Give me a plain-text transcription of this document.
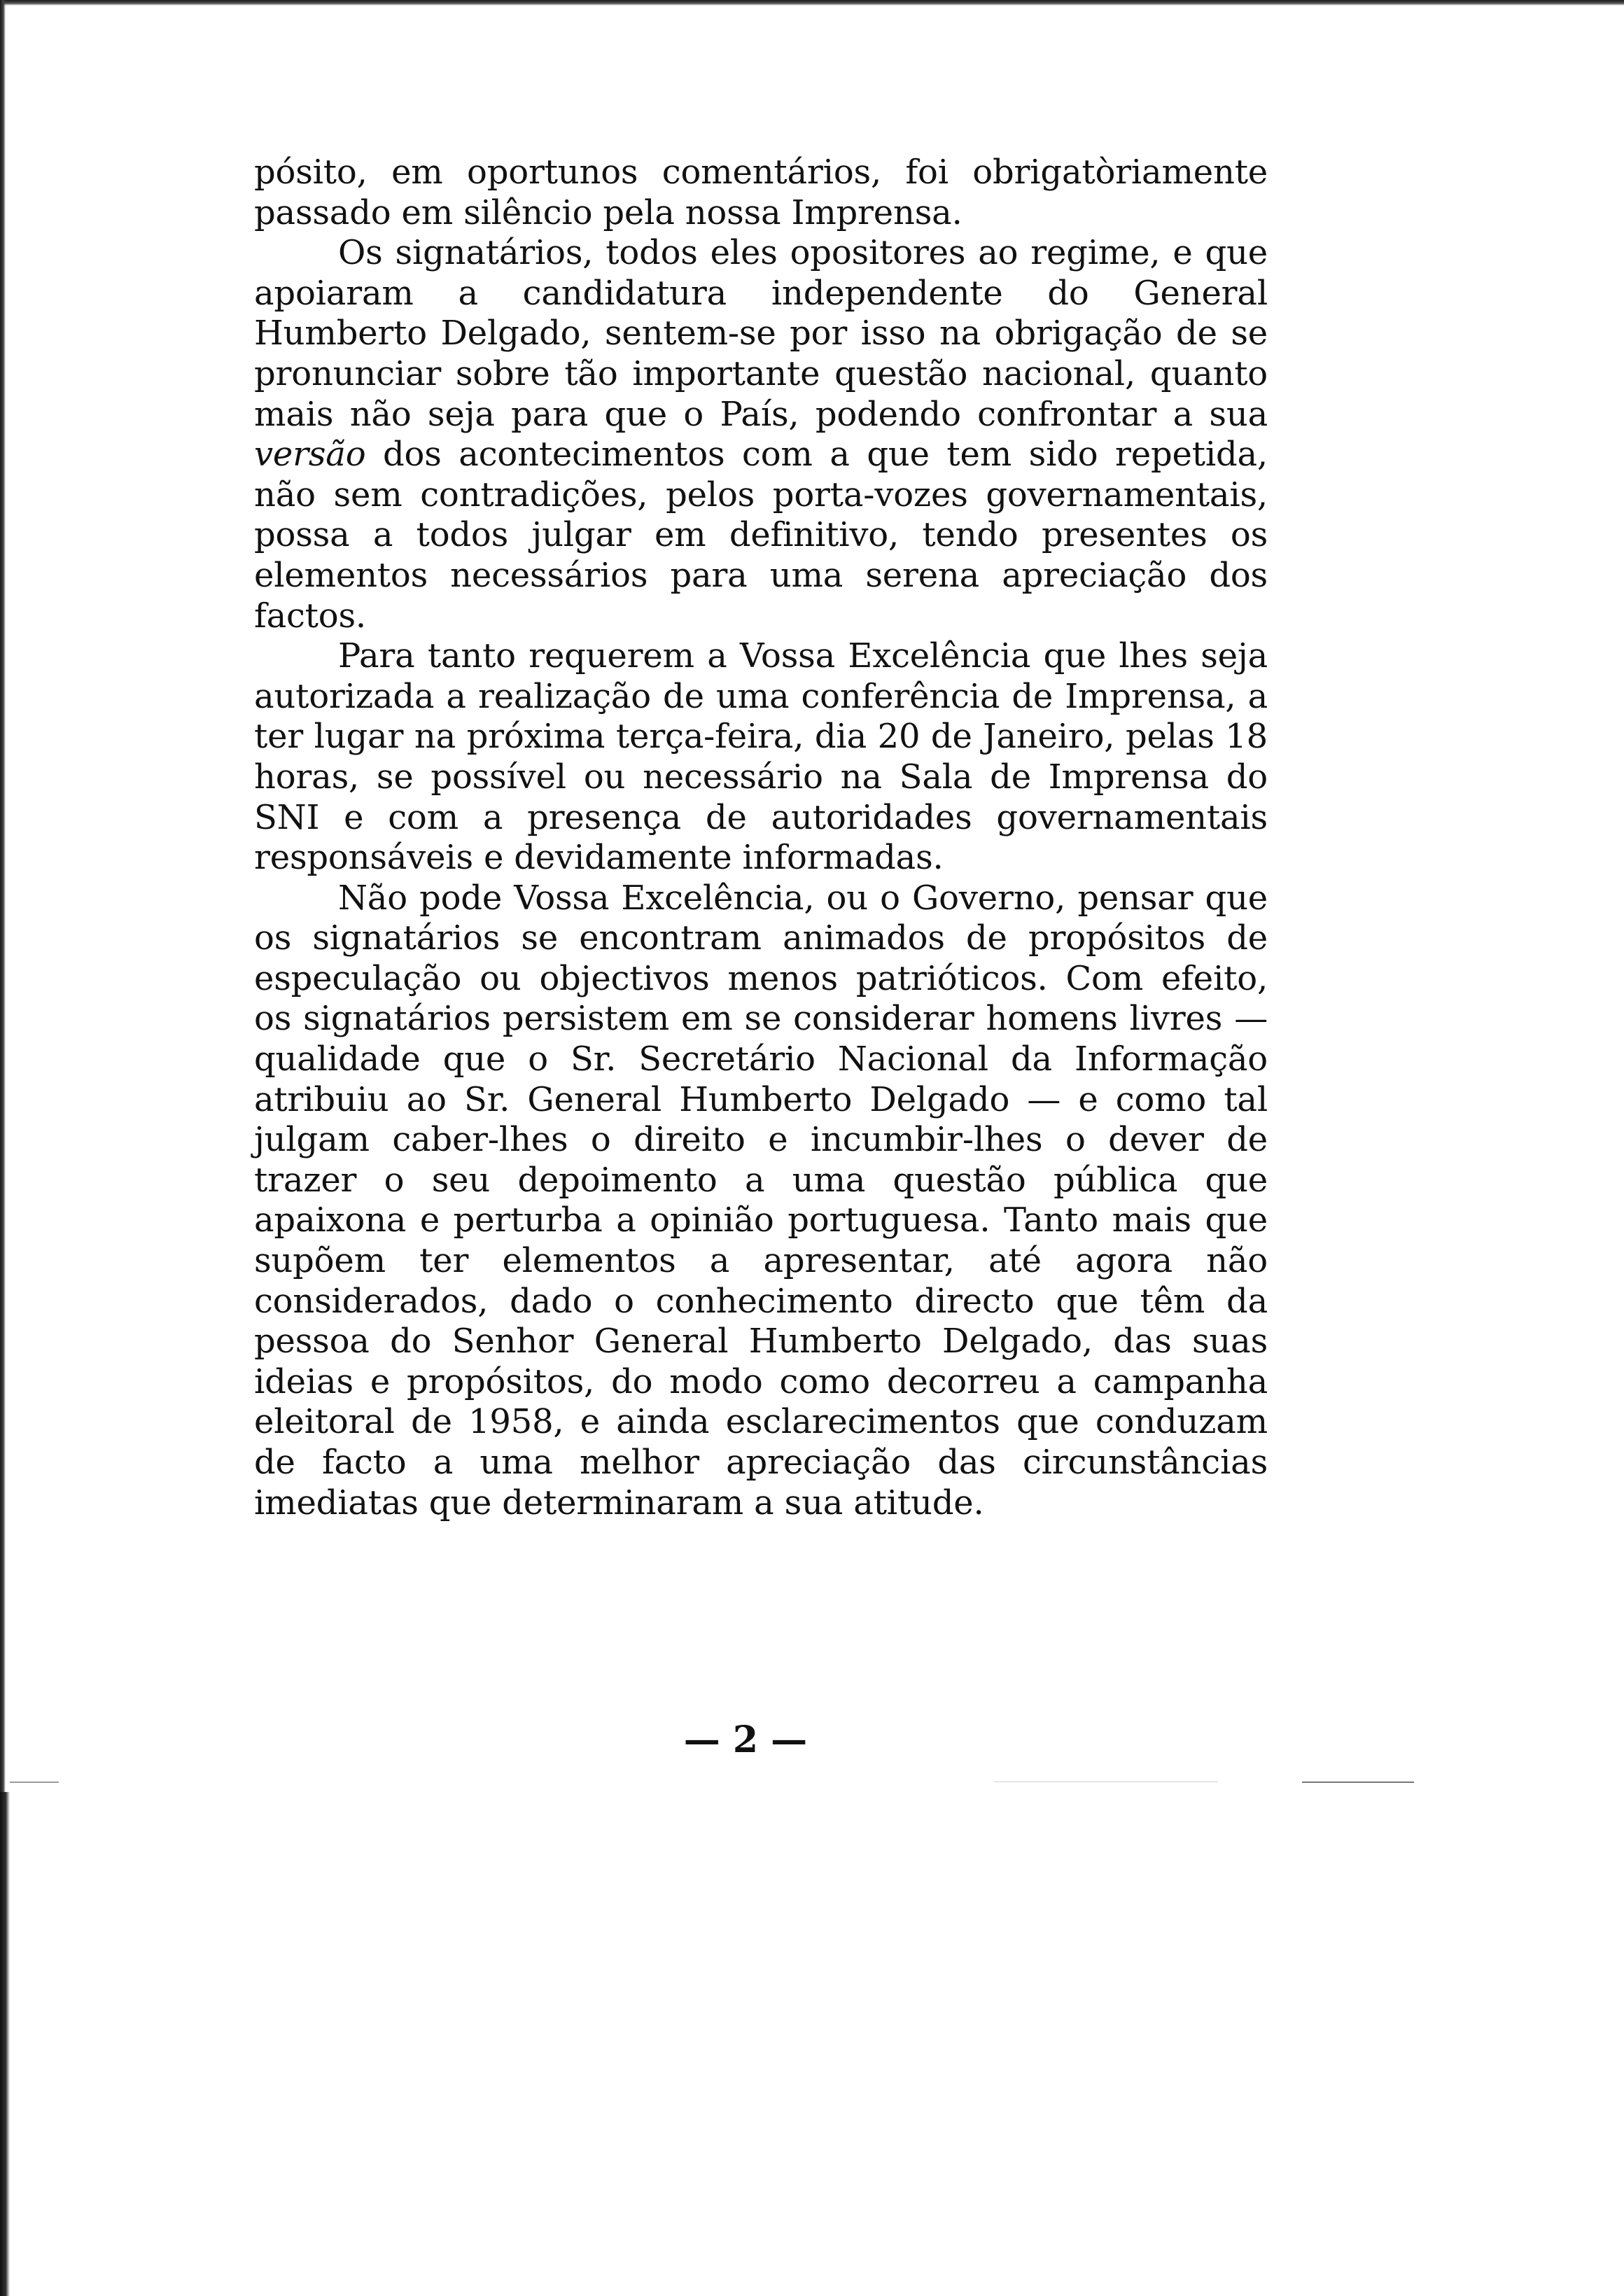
pósito, em oportunos comentários, foi obrigatòriamente passado em silêncio pela nossa Imprensa.

Os signatários, todos eles opositores ao regime, e que apoiaram a candidatura independente do General Humberto Delgado, sentem-se por isso na obrigação de se pronunciar sobre tão importante questão nacional, quanto mais não seja para que o País, podendo confrontar a sua versão dos acontecimentos com a que tem sido repetida, não sem contradições, pelos porta-vozes governamentais, possa a todos julgar em definitivo, tendo presentes os elementos necessários para uma serena apreciação dos factos.

Para tanto requerem a Vossa Excelência que lhes seja autorizada a realização de uma conferência de Imprensa, a ter lugar na próxima terça-feira, dia 20 de Janeiro, pelas 18 horas, se possível ou necessário na Sala de Imprensa do SNI e com a presença de autoridades governamentais responsáveis e devidamente informadas.

Não pode Vossa Excelência, ou o Governo, pensar que os signatários se encontram animados de propósitos de especulação ou objectivos menos patrióticos. Com efeito, os signatários persistem em se considerar homens livres — qualidade que o Sr. Secretário Nacional da Informação atribuiu ao Sr. General Humberto Delgado — e como tal julgam caber-lhes o direito e incumbir-lhes o dever de trazer o seu depoimento a uma questão pública que apaixona e perturba a opinião portuguesa. Tanto mais que supõem ter elementos a apresentar, até agora não considerados, dado o conhecimento directo que têm da pessoa do Senhor General Humberto Delgado, das suas ideias e propósitos, do modo como decorreu a campanha eleitoral de 1958, e ainda esclarecimentos que conduzam de facto a uma melhor apreciação das circunstâncias imediatas que determinaram a sua atitude.

— 2 —
